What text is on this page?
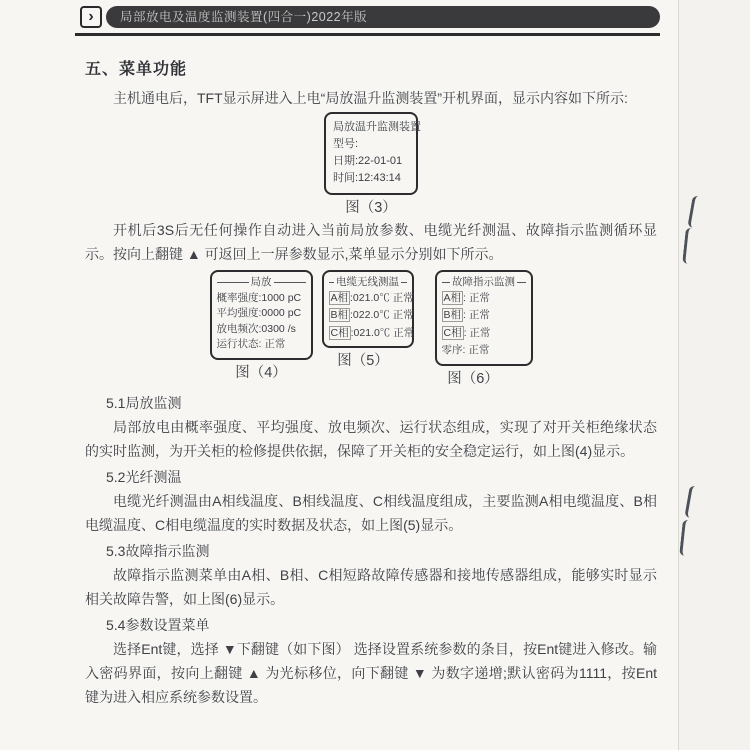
›	局部放电及温度监测装置(四合一)2022年版
五、菜单功能

主机通电后，TFT显示屏进入上电“局放温升监测装置”开机界面，显示内容如下所示:

局放温升监测装置
型号:
日期:22-01-01
时间:12:43:14
图（3）

开机后3S后无任何操作自动进入当前局放参数、电缆光纤测温、故障指示监测循环显示。按向上翻键 ▲ 可返回上一屏参数显示,菜单显示分别如下所示。

局放
概率强度:1000 pC
平均强度:0000 pC
放电频次:0300 /s
运行状态: 正常
图（4）
电缆无线测温
A相 :021.0℃ 正常
B相 :022.0℃ 正常
C相 :021.0℃ 正常
图（5）
故障指示监测
A相 : 正常
B相 : 正常
C相 : 正常
零序: 正常
图（6）

5.1局放监测

局部放电由概率强度、平均强度、放电频次、运行状态组成，实现了对开关柜绝缘状态的实时监测，为开关柜的检修提供依据，保障了开关柜的安全稳定运行，如上图(4)显示。

5.2光纤测温

电缆光纤测温由A相线温度、B相线温度、C相线温度组成，主要监测A相电缆温度、B相电缆温度、C相电缆温度的实时数据及状态，如上图(5)显示。

5.3故障指示监测

故障指示监测菜单由A相、B相、C相短路故障传感器和接地传感器组成，能够实时显示相关故障告警，如上图(6)显示。

5.4参数设置菜单

选择Ent键，选择 ▼下翻键（如下图） 选择设置系统参数的条目，按Ent键进入修改。输入密码界面，按向上翻键 ▲ 为光标移位，向下翻键 ▼ 为数字递增;默认密码为1111，按Ent键为进入相应系统参数设置。
